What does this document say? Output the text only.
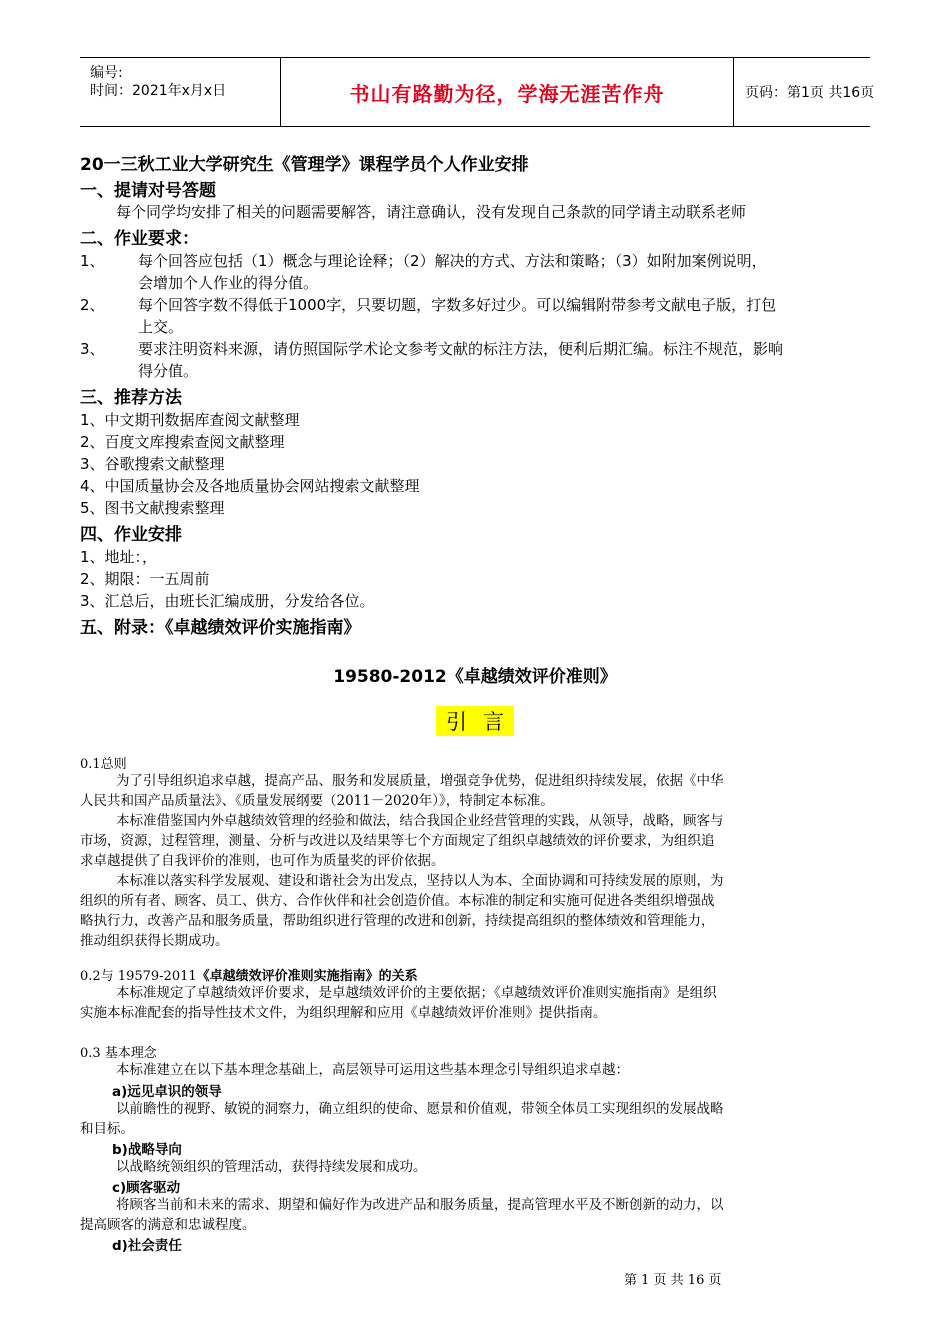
编号:
时间：2021年x月x日	书山有路勤为径，学海无涯苦作舟	页码：第1页 共16页
20一三秋工业大学研究生《管理学》课程学员个人作业安排
一、提请对号答题
每个同学均安排了相关的问题需要解答，请注意确认，没有发现自己条款的同学请主动联系老师
二、作业要求：
1、 每个回答应包括（1）概念与理论诠释；（2）解决的方式、方法和策略；（3）如附加案例说明，
会增加个人作业的得分值。
2、 每个回答字数不得低于1000字，只要切题，字数多好过少。可以编辑附带参考文献电子版，打包
上交。
3、 要求注明资料来源，请仿照国际学术论文参考文献的标注方法，便利后期汇编。标注不规范，影响
得分值。
三、推荐方法
1、中文期刊数据库查阅文献整理
2、百度文库搜索查阅文献整理
3、谷歌搜索文献整理
4、中国质量协会及各地质量协会网站搜索文献整理
5、图书文献搜索整理
四、作业安排
1、地址：，
2、期限：一五周前
3、汇总后，由班长汇编成册，分发给各位。
五、附录：《卓越绩效评价实施指南》
19580-2012《卓越绩效评价准则》
引言
0.1总则
为了引导组织追求卓越，提高产品、服务和发展质量，增强竞争优势，促进组织持续发展，依据《中华
人民共和国产品质量法》、《质量发展纲要（2011－2020年）》，特制定本标准。
本标准借鉴国内外卓越绩效管理的经验和做法，结合我国企业经营管理的实践，从领导，战略，顾客与
市场，资源，过程管理，测量、分析与改进以及结果等七个方面规定了组织卓越绩效的评价要求，为组织追
求卓越提供了自我评价的准则，也可作为质量奖的评价依据。
本标准以落实科学发展观、建设和谐社会为出发点，坚持以人为本、全面协调和可持续发展的原则，为
组织的所有者、顾客、员工、供方、合作伙伴和社会创造价值。本标准的制定和实施可促进各类组织增强战
略执行力，改善产品和服务质量，帮助组织进行管理的改进和创新，持续提高组织的整体绩效和管理能力，
推动组织获得长期成功。
0.2与 19579-2011《卓越绩效评价准则实施指南》的关系
本标准规定了卓越绩效评价要求，是卓越绩效评价的主要依据；《卓越绩效评价准则实施指南》是组织
实施本标准配套的指导性技术文件，为组织理解和应用《卓越绩效评价准则》提供指南。
0.3 基本理念
本标准建立在以下基本理念基础上，高层领导可运用这些基本理念引导组织追求卓越：
a)远见卓识的领导
以前瞻性的视野、敏锐的洞察力，确立组织的使命、愿景和价值观，带领全体员工实现组织的发展战略
和目标。
b)战略导向
以战略统领组织的管理活动，获得持续发展和成功。
c)顾客驱动
将顾客当前和未来的需求、期望和偏好作为改进产品和服务质量，提高管理水平及不断创新的动力，以
提高顾客的满意和忠诚程度。
d)社会责任
第 1 页 共 16 页
